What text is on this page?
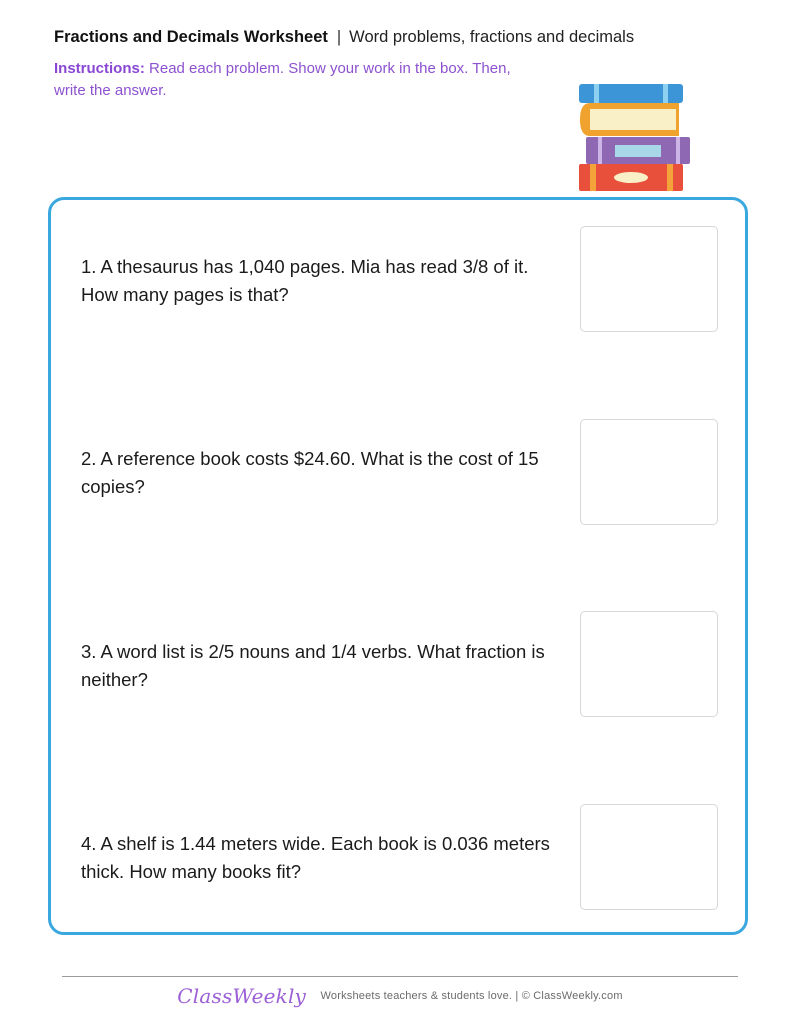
Fractions and Decimals Worksheet | Word problems, fractions and decimals
Instructions: Read each problem. Show your work in the box. Then, write the answer.
1. A thesaurus has 1,040 pages. Mia has read 3/8 of it. How many pages is that?
2. A reference book costs $24.60. What is the cost of 15 copies?
3. A word list is 2/5 nouns and 1/4 verbs. What fraction is neither?
4. A shelf is 1.44 meters wide. Each book is 0.036 meters thick. How many books fit?
ClassWeekly Worksheets teachers & students love. | © ClassWeekly.com
